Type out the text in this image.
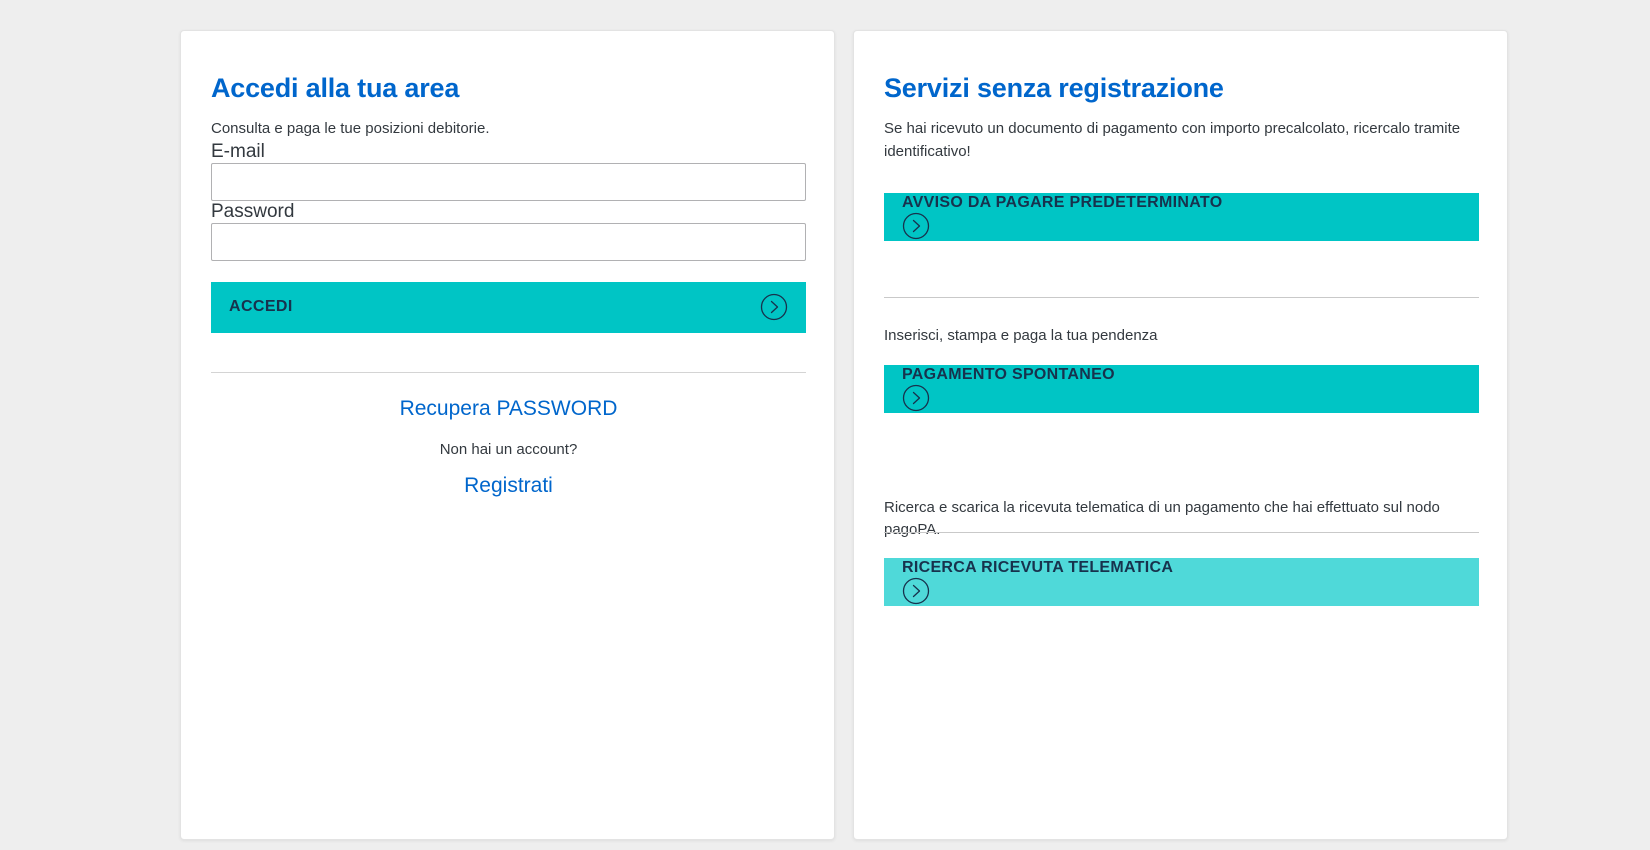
Accedi alla tua area

Consulta e paga le tue posizioni debitorie.

E-mail
Password
ACCEDI
Recupera PASSWORD
Non hai un account?
Registrati
Servizi senza registrazione

Se hai ricevuto un documento di pagamento con importo precalcolato, ricercalo tramite identificativo!

AVVISO DA PAGARE PREDETERMINATO

Inserisci, stampa e paga la tua pendenza

PAGAMENTO SPONTANEO

Ricerca e scarica la ricevuta telematica di un pagamento che hai effettuato sul nodo pagoPA.

RICERCA RICEVUTA TELEMATICA
